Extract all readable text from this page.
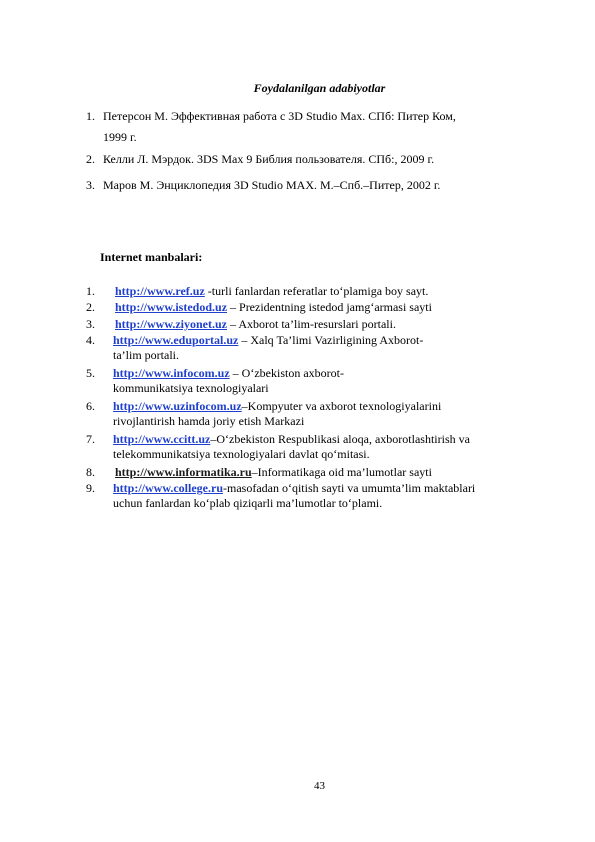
Foydalanilgan adabiyotlar
1. Петерсон М. Эффективная работа с 3D Studio Max. СПб: Питер Ком,
1999 г.
2. Келли Л. Мэрдок. 3DS Max 9 Библия пользователя. СПб:, 2009 г.
3. Маров М. Энциклопедия 3D Studio MAX. М.–Спб.–Питер, 2002 г.
Internet manbalari:
1. http://www.ref.uz -turli fanlardan referatlar to‘plamiga boy sayt.
2. http://www.istedod.uz – Prezidentning istedod jamg‘armasi sayti
3. http://www.ziyonet.uz – Axborot ta’lim-resurslari portali.
4. http://www.eduportal.uz – Xalq Ta’limi Vazirligining Axborot-
ta’lim portali.
5. http://www.infocom.uz – O‘zbekiston axborot-
kommunikatsiya texnologiyalari
6. http://www.uzinfocom.uz–Kompyuter va axborot texnologiyalarini
rivojlantirish hamda joriy etish Markazi
7. http://www.ccitt.uz–O‘zbekiston Respublikasi aloqa, axborotlashtirish va
telekommunikatsiya texnologiyalari davlat qo‘mitasi.
8. http://www.informatika.ru–Informatikaga oid ma’lumotlar sayti
9. http://www.college.ru-masofadan o‘qitish sayti va umumta’lim maktablari
uchun fanlardan ko‘plab qiziqarli ma’lumotlar to‘plami.
43
